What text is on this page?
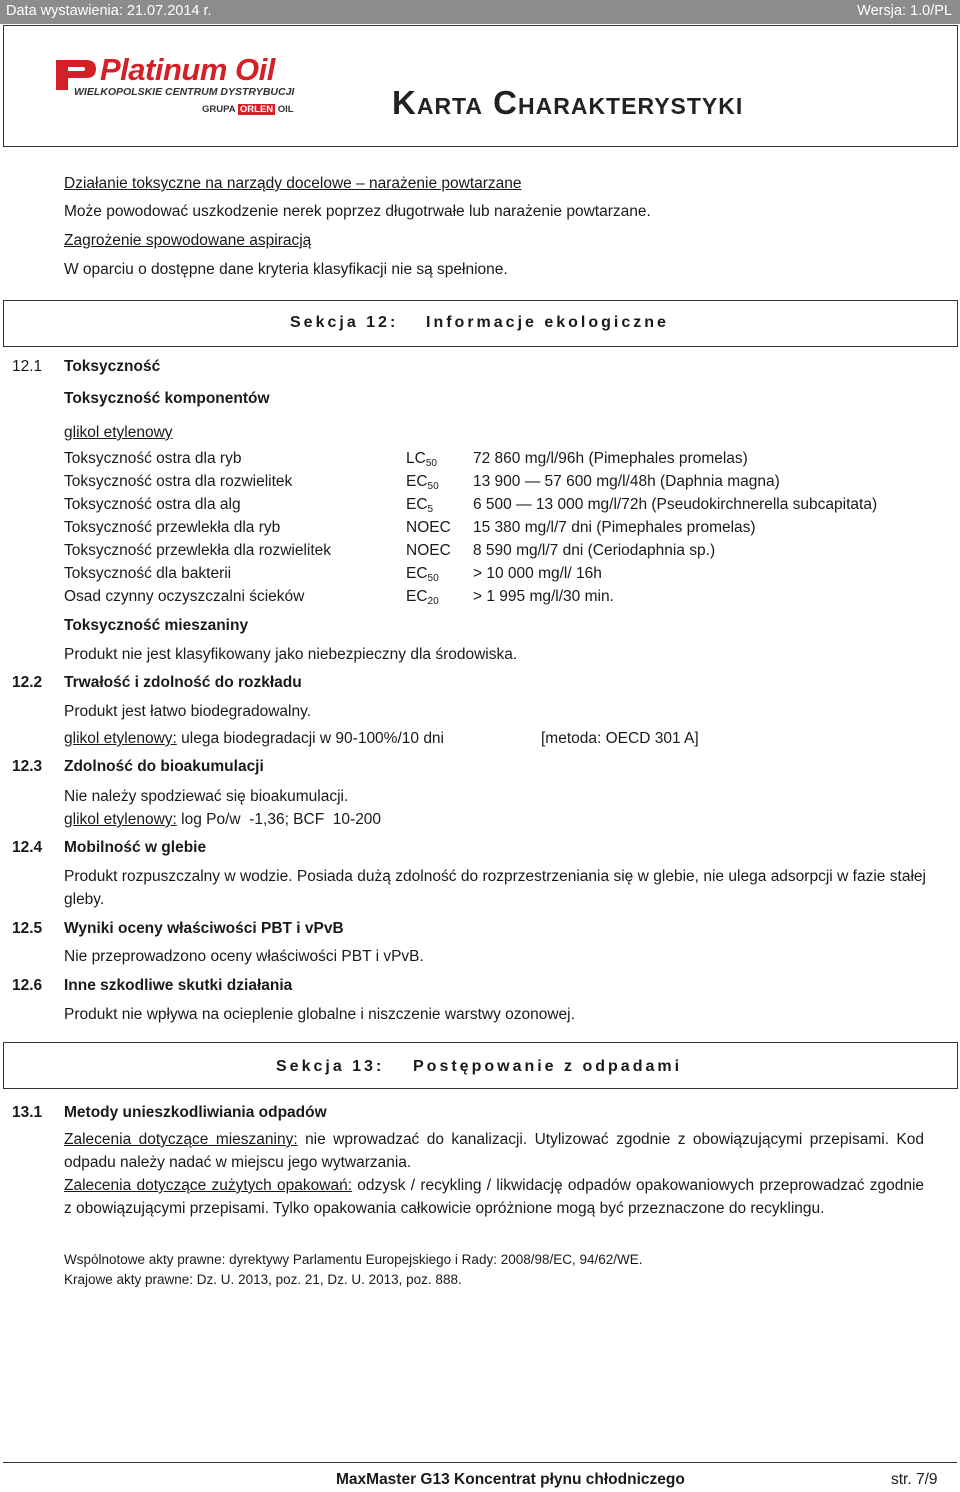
Data wystawienia: 21.07.2014 r.	Wersja: 1.0/PL
Platinum Oil
WIELKOPOLSKIE CENTRUM DYSTRYBUCJI
GRUPA ORLEN OIL	Karta Charakterystyki
Działanie toksyczne na narządy docelowe – narażenie powtarzane
Może powodować uszkodzenie nerek poprzez długotrwałe lub narażenie powtarzane.
Zagrożenie spowodowane aspiracją
W oparciu o dostępne dane kryteria klasyfikacji nie są spełnione.
Sekcja 12: Informacje ekologiczne
12.1 Toksyczność
Toksyczność komponentów
glikol etylenowy
Toksyczność ostra dla ryb	$LC_{50}$ 72 860 mg/l/96h (Pimephales promelas)
Toksyczność ostra dla rozwielitek	$EC_{50}$ 13 900 — 57 600 mg/l/48h (Daphnia magna)
Toksyczność ostra dla alg	$EC_5$	6 500 — 13 000 mg/l/72h (Pseudokirchnerella subcapitata)
Toksyczność przewlekła dla ryb	NOEC 15 380 mg/l/7 dni (Pimephales promelas)
Toksyczność przewlekła dla rozwielitek	NOEC 8 590 mg/l/7 dni (Ceriodaphnia sp.)
Toksyczność dla bakterii	$EC_{50} > 10$ 000 mg/l/ 16h
Osad czynny oczyszczalni ścieków	$EC_{20} > 1$ 995 mg/l/30 min.
Toksyczność mieszaniny
Produkt nie jest klasyfikowany jako niebezpieczny dla środowiska.
12.2 Trwałość i zdolność do rozkładu
Produkt jest łatwo biodegradowalny.
glikol etylenowy: ulega biodegradacji w 90-100%/10 dni	[metoda: OECD 301 A]
12.3 Zdolność do bioakumulacji
Nie należy spodziewać się bioakumulacji.
glikol etylenowy: log Po/w  -1,36; BCF  10-200
12.4 Mobilność w glebie
Produkt rozpuszczalny w wodzie. Posiada dużą zdolność do rozprzestrzeniania się w glebie, nie ulega adsorpcji w fazie stałej gleby.
12.5 Wyniki oceny właściwości PBT i vPvB
Nie przeprowadzono oceny właściwości PBT i vPvB.
12.6 Inne szkodliwe skutki działania
Produkt nie wpływa na ocieplenie globalne i niszczenie warstwy ozonowej.
Sekcja 13: Postępowanie z odpadami
13.1 Metody unieszkodliwiania odpadów
Zalecenia dotyczące mieszaniny: nie wprowadzać do kanalizacji. Utylizować zgodnie z obowiązującymi przepisami. Kod odpadu należy nadać w miejscu jego wytwarzania.
Zalecenia dotyczące zużytych opakowań: odzysk / recykling / likwidację odpadów opakowaniowych przeprowadzać zgodnie z obowiązującymi przepisami. Tylko opakowania całkowicie opróżnione mogą być przeznaczone do recyklingu.
Wspólnotowe akty prawne: dyrektywy Parlamentu Europejskiego i Rady: 2008/98/EC, 94/62/WE.
Krajowe akty prawne: Dz. U. 2013, poz. 21, Dz. U. 2013, poz. 888.
MaxMaster G13 Koncentrat płynu chłodniczego	str. 7/9
